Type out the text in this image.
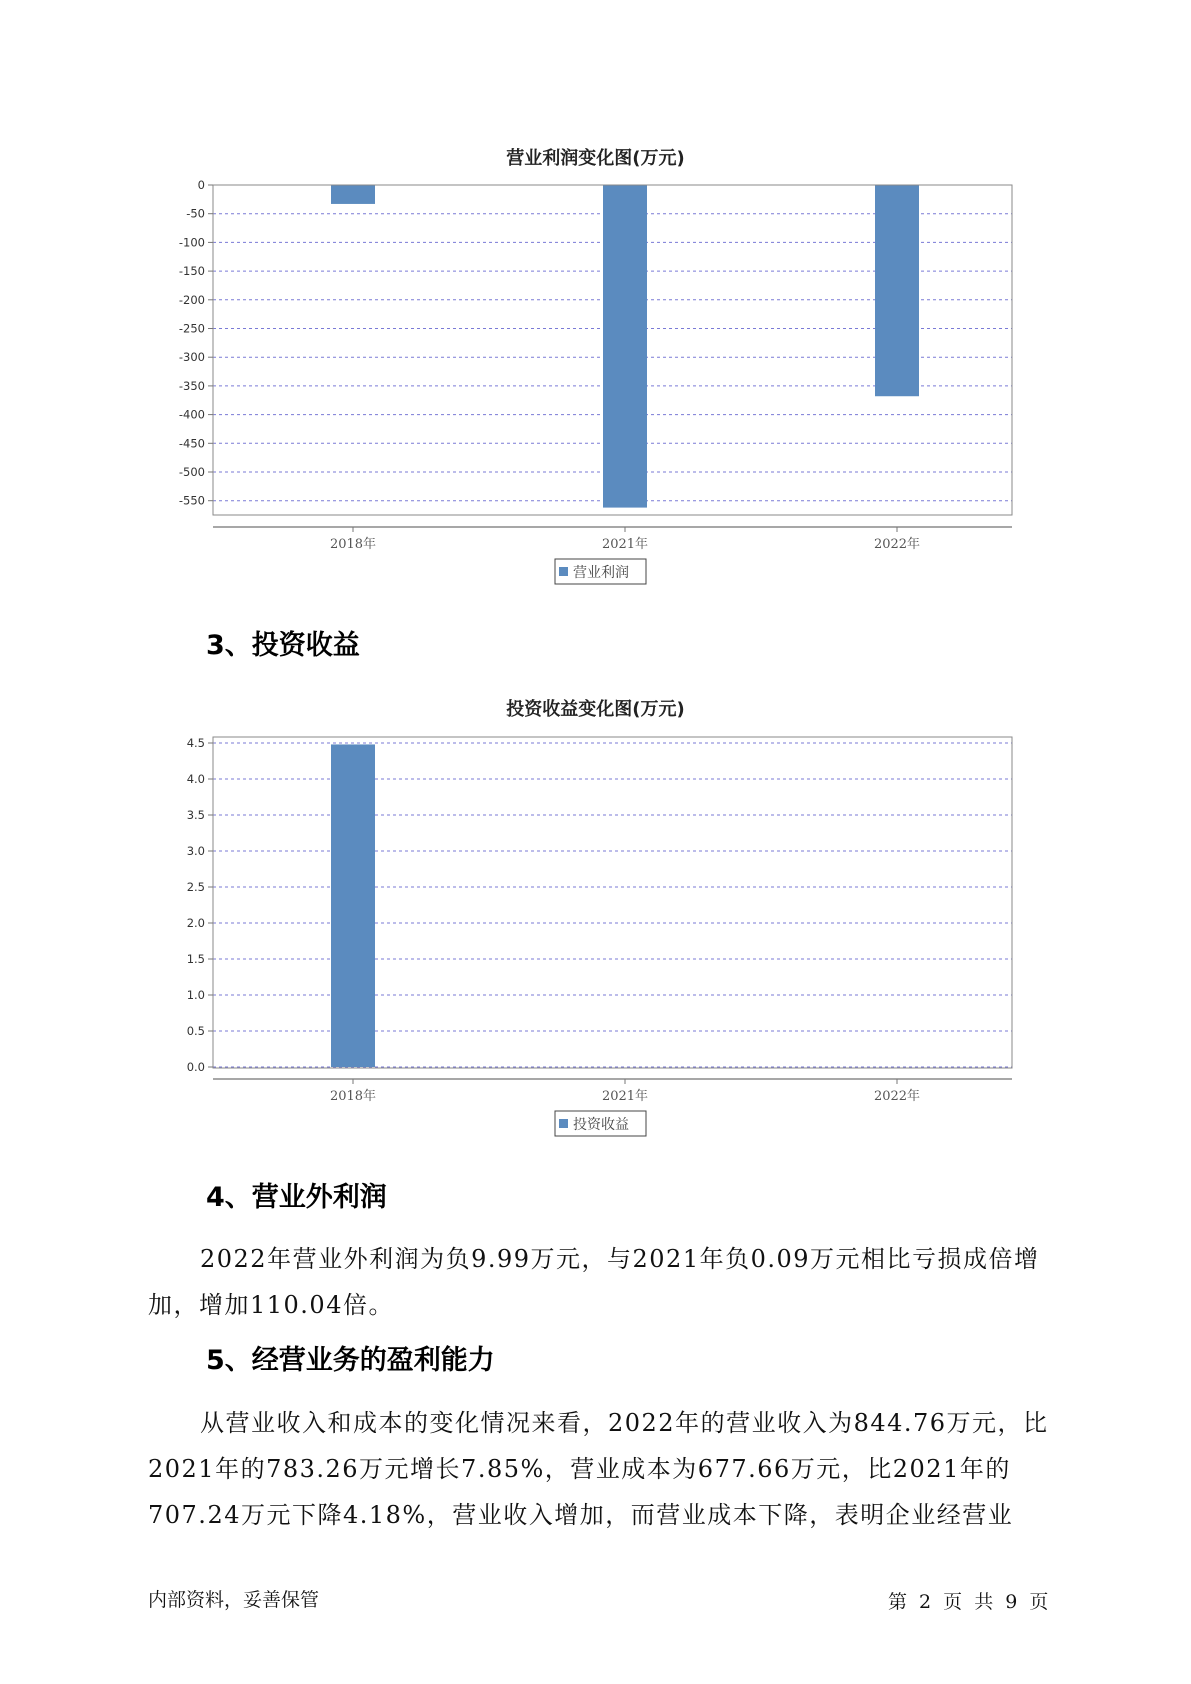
营业利润变化图(万元)
0
-50
-100
-150
-200
-250
-300
-350
-400
-450
-500
-550
2018年	2021年	2022年
营业利润
3、投资收益
投资收益变化图(万元)
0.0
0.5
1.0
1.5
2.0
2.5
3.0
3.5
4.0
4.5
2018年	2021年	2022年
投资收益
4、营业外利润

2022年营业外利润为负9.99万元，与2021年负0.09万元相比亏损成倍增加，增加110.04倍。

5、经营业务的盈利能力

从营业收入和成本的变化情况来看，2022年的营业收入为844.76万元，比2021年的783.26万元增长7.85%，营业成本为677.66万元，比2021年的707.24万元下降4.18%，营业收入增加，而营业成本下降，表明企业经营业

内部资料，妥善保管	第 2 页 共 9 页
